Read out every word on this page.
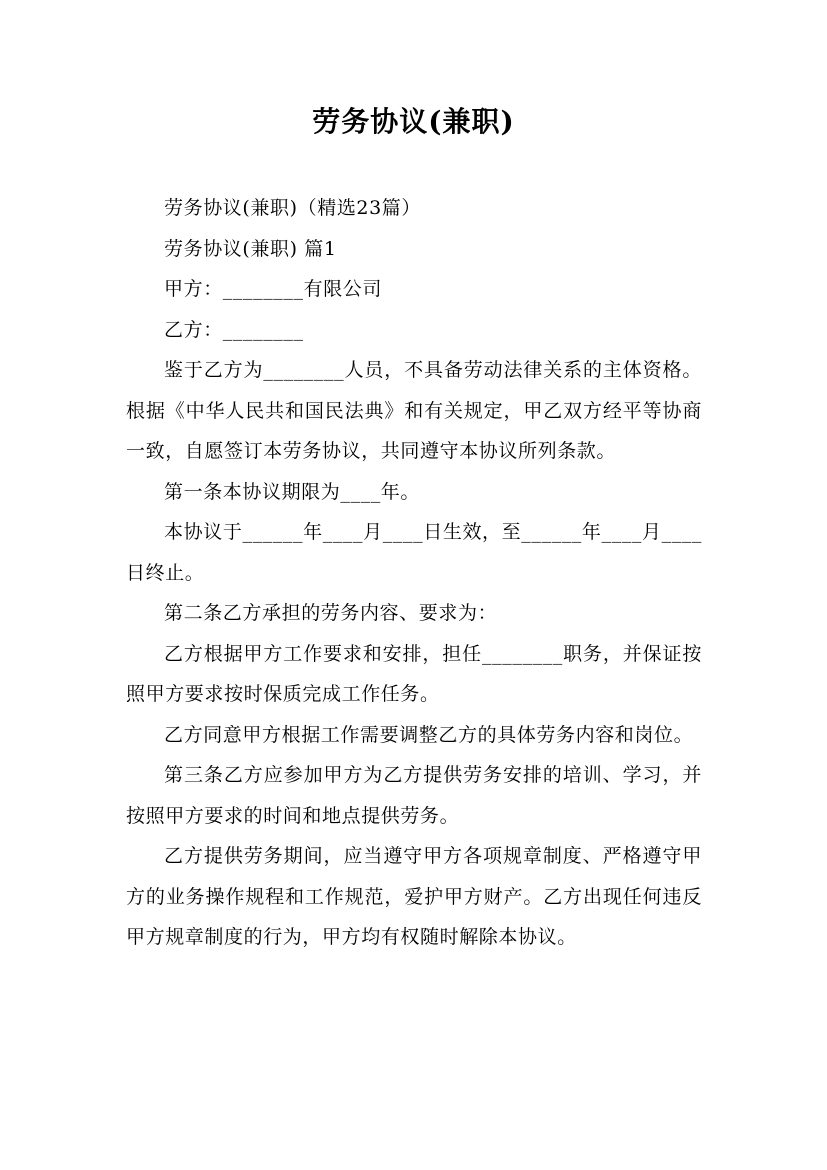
劳务协议(兼职)

劳务协议(兼职)（精选23篇）

劳务协议(兼职) 篇1

甲方：________有限公司

乙方：________

鉴于乙方为________人员，不具备劳动法律关系的主体资格。根据《中华人民共和国民法典》和有关规定，甲乙双方经平等协商一致，自愿签订本劳务协议，共同遵守本协议所列条款。

第一条本协议期限为____年。

本协议于______年____月____日生效，至______年____月____日终止。

第二条乙方承担的劳务内容、要求为：

乙方根据甲方工作要求和安排，担任________职务，并保证按照甲方要求按时保质完成工作任务。

乙方同意甲方根据工作需要调整乙方的具体劳务内容和岗位。

第三条乙方应参加甲方为乙方提供劳务安排的培训、学习，并按照甲方要求的时间和地点提供劳务。

乙方提供劳务期间，应当遵守甲方各项规章制度、严格遵守甲方的业务操作规程和工作规范，爱护甲方财产。乙方出现任何违反甲方规章制度的行为，甲方均有权随时解除本协议。
